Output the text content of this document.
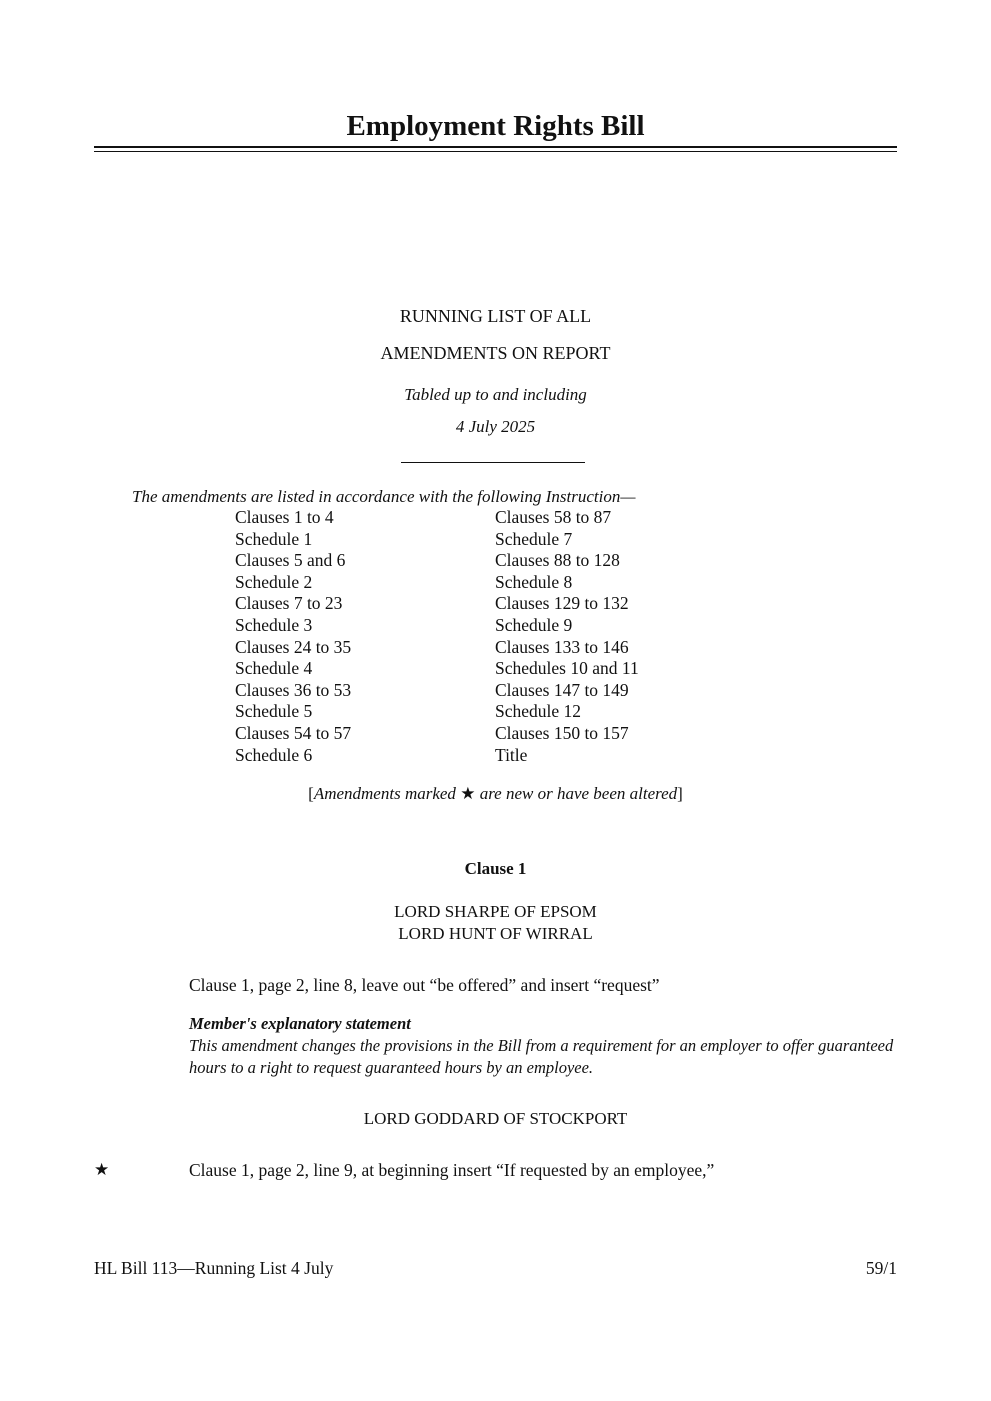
Employment Rights Bill
RUNNING LIST OF ALL
AMENDMENTS ON REPORT
Tabled up to and including
4 July 2025
The amendments are listed in accordance with the following Instruction—
Clauses 1 to 4
Schedule 1
Clauses 5 and 6
Schedule 2
Clauses 7 to 23
Schedule 3
Clauses 24 to 35
Schedule 4
Clauses 36 to 53
Schedule 5
Clauses 54 to 57
Schedule 6
Clauses 58 to 87
Schedule 7
Clauses 88 to 128
Schedule 8
Clauses 129 to 132
Schedule 9
Clauses 133 to 146
Schedules 10 and 11
Clauses 147 to 149
Schedule 12
Clauses 150 to 157
Title
[Amendments marked ★ are new or have been altered]
Clause 1
LORD SHARPE OF EPSOM
LORD HUNT OF WIRRAL
Clause 1, page 2, line 8, leave out “be offered” and insert “request”
Member's explanatory statement
This amendment changes the provisions in the Bill from a requirement for an employer to offer guaranteed hours to a right to request guaranteed hours by an employee.
LORD GODDARD OF STOCKPORT
★	Clause 1, page 2, line 9, at beginning insert “If requested by an employee,”
HL Bill 113—Running List 4 July	59/1
